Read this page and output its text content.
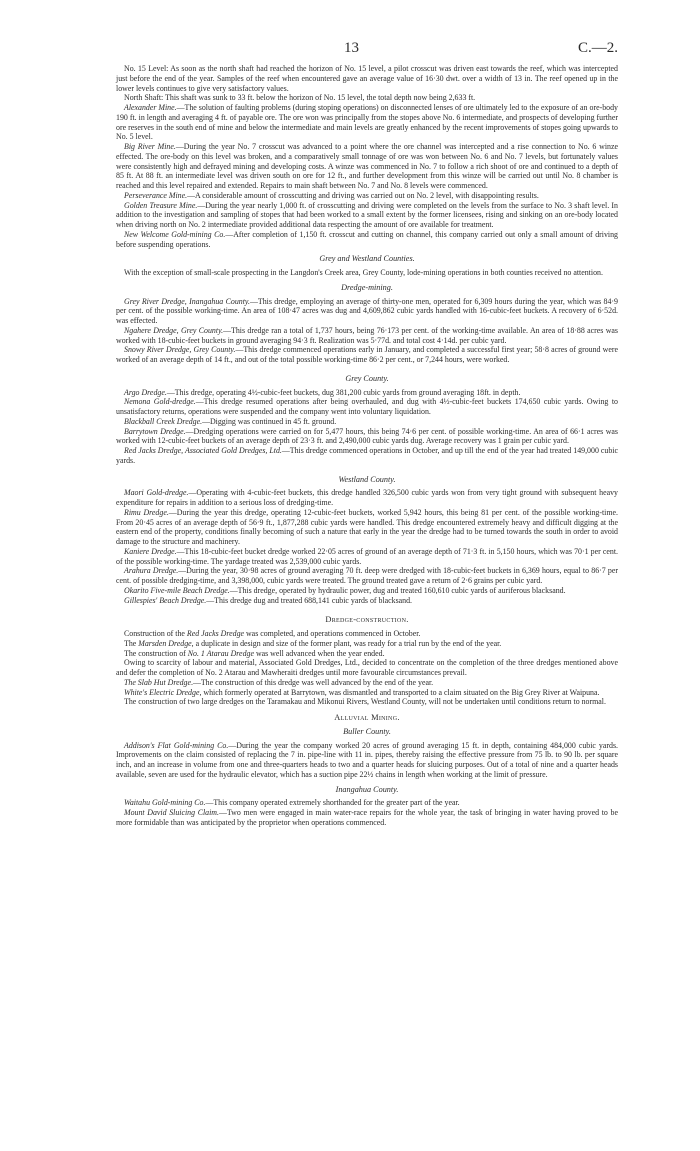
13	C.—2.

No. 15 Level: As soon as the north shaft had reached the horizon of No. 15 level, a pilot crosscut was driven east towards the reef, which was intercepted just before the end of the year. Samples of the reef when encountered gave an average value of 16·30 dwt. over a width of 13 in. The reef opened up in the lower levels continues to give very satisfactory values.

North Shaft: This shaft was sunk to 33 ft. below the horizon of No. 15 level, the total depth now being 2,633 ft.

Alexander Mine.—The solution of faulting problems (during stoping operations) on disconnected lenses of ore ultimately led to the exposure of an ore-body 190 ft. in length and averaging 4 ft. of payable ore. The ore won was principally from the stopes above No. 6 intermediate, and prospects of developing further ore reserves in the south end of mine and below the intermediate and main levels are greatly enhanced by the recent improvements of stopes going upwards to No. 5 level.

Big River Mine.—During the year No. 7 crosscut was advanced to a point where the ore channel was intercepted and a rise connection to No. 6 winze effected. The ore-body on this level was broken, and a comparatively small tonnage of ore was won between No. 6 and No. 7 levels, but fortunately values were consistently high and defrayed mining and developing costs. A winze was commenced in No. 7 to follow a rich shoot of ore and continued to a depth of 85 ft. At 88 ft. an intermediate level was driven south on ore for 12 ft., and further development from this winze will be carried out until No. 8 chamber is reached and this level repaired and extended. Repairs to main shaft between No. 7 and No. 8 levels were commenced.

Perseverance Mine.—A considerable amount of crosscutting and driving was carried out on No. 2 level, with disappointing results.

Golden Treasure Mine.—During the year nearly 1,000 ft. of crosscutting and driving were completed on the levels from the surface to No. 3 shaft level. In addition to the investigation and sampling of stopes that had been worked to a small extent by the former licensees, rising and sinking on an ore-body located when driving north on No. 2 intermediate provided additional data respecting the amount of ore available for treatment.

New Welcome Gold-mining Co.—After completion of 1,150 ft. crosscut and cutting on channel, this company carried out only a small amount of driving before suspending operations.

Grey and Westland Counties.

With the exception of small-scale prospecting in the Langdon's Creek area, Grey County, lode-mining operations in both counties received no attention.

Dredge-mining.

Grey River Dredge, Inangahua County.—This dredge, employing an average of thirty-one men, operated for 6,309 hours during the year, which was 84·9 per cent. of the possible working-time. An area of 108·47 acres was dug and 4,609,862 cubic yards handled with 16-cubic-feet buckets. A recovery of 6·52d. was effected.

Ngahere Dredge, Grey County.—This dredge ran a total of 1,737 hours, being 76·173 per cent. of the working-time available. An area of 18·88 acres was worked with 18-cubic-feet buckets in ground averaging 94·3 ft. Realization was 5·77d. and total cost 4·14d. per cubic yard.

Snowy River Dredge, Grey County.—This dredge commenced operations early in January, and completed a successful first year; 58·8 acres of ground were worked of an average depth of 14 ft., and out of the total possible working-time 86·2 per cent., or 7,244 hours, were worked.

Grey County.

Argo Dredge.—This dredge, operating 4½-cubic-feet buckets, dug 381,200 cubic yards from ground averaging 18ft. in depth.

Nemona Gold-dredge.—This dredge resumed operations after being overhauled, and dug with 4½-cubic-feet buckets 174,650 cubic yards. Owing to unsatisfactory returns, operations were suspended and the company went into voluntary liquidation.

Blackball Creek Dredge.—Digging was continued in 45 ft. ground.

Barrytown Dredge.—Dredging operations were carried on for 5,477 hours, this being 74·6 per cent. of possible working-time. An area of 66·1 acres was worked with 12-cubic-feet buckets of an average depth of 23·3 ft. and 2,490,000 cubic yards dug. Average recovery was 1 grain per cubic yard.

Red Jacks Dredge, Associated Gold Dredges, Ltd.—This dredge commenced operations in October, and up till the end of the year had treated 149,000 cubic yards.

Westland County.

Maori Gold-dredge.—Operating with 4-cubic-feet buckets, this dredge handled 326,500 cubic yards won from very tight ground with subsequent heavy expenditure for repairs in addition to a serious loss of dredging-time.

Rimu Dredge.—During the year this dredge, operating 12-cubic-feet buckets, worked 5,942 hours, this being 81 per cent. of the possible working-time. From 20·45 acres of an average depth of 56·9 ft., 1,877,288 cubic yards were handled. This dredge encountered extremely heavy and difficult digging at the eastern end of the property, conditions finally becoming of such a nature that early in the year the dredge had to be turned towards the south in order to avoid damage to the structure and machinery.

Kaniere Dredge.—This 18-cubic-feet bucket dredge worked 22·05 acres of ground of an average depth of 71·3 ft. in 5,150 hours, which was 70·1 per cent. of the possible working-time. The yardage treated was 2,539,000 cubic yards.

Arahura Dredge.—During the year, 30·98 acres of ground averaging 70 ft. deep were dredged with 18-cubic-feet buckets in 6,369 hours, equal to 86·7 per cent. of possible dredging-time, and 3,398,000, cubic yards were treated. The ground treated gave a return of 2·6 grains per cubic yard.

Okarito Five-mile Beach Dredge.—This dredge, operated by hydraulic power, dug and treated 160,610 cubic yards of auriferous blacksand.

Gillespies' Beach Dredge.—This dredge dug and treated 688,141 cubic yards of blacksand.

Dredge-construction.

Construction of the Red Jacks Dredge was completed, and operations commenced in October.

The Marsden Dredge, a duplicate in design and size of the former plant, was ready for a trial run by the end of the year.

The construction of No. 1 Atarau Dredge was well advanced when the year ended.

Owing to scarcity of labour and material, Associated Gold Dredges, Ltd., decided to concentrate on the completion of the three dredges mentioned above and defer the completion of No. 2 Atarau and Mawheraiti dredges until more favourable circumstances prevail.

The Slab Hut Dredge.—The construction of this dredge was well advanced by the end of the year.

White's Electric Dredge, which formerly operated at Barrytown, was dismantled and transported to a claim situated on the Big Grey River at Waipuna.

The construction of two large dredges on the Taramakau and Mikonui Rivers, Westland County, will not be undertaken until conditions return to normal.

Alluvial Mining.
Buller County.

Addison's Flat Gold-mining Co.—During the year the company worked 20 acres of ground averaging 15 ft. in depth, containing 484,000 cubic yards. Improvements on the claim consisted of replacing the 7 in. pipe-line with 11 in. pipes, thereby raising the effective pressure from 75 lb. to 90 lb. per square inch, and an increase in volume from one and three-quarters heads to two and a quarter heads for sluicing purposes. Out of a total of nine and a quarter heads available, seven are used for the hydraulic elevator, which has a suction pipe 22½ chains in length when working at the limit of pressure.

Inangahua County.

Waitahu Gold-mining Co.—This company operated extremely shorthanded for the greater part of the year.

Mount David Sluicing Claim.—Two men were engaged in main water-race repairs for the whole year, the task of bringing in water having proved to be more formidable than was anticipated by the proprietor when operations commenced.
